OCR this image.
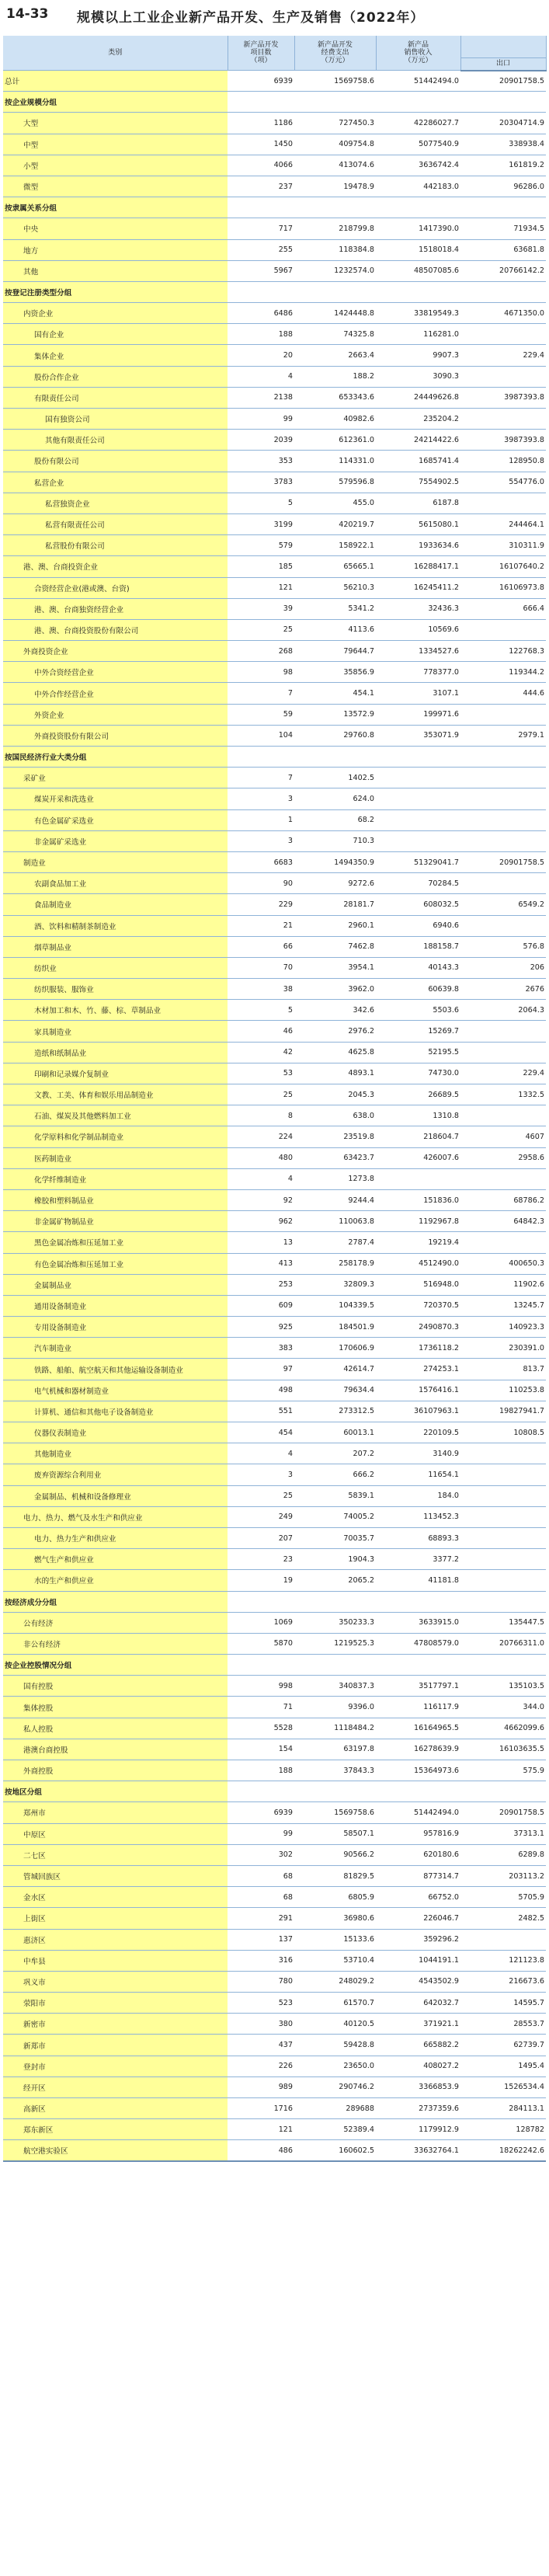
14-33 规模以上工业企业新产品开发、生产及销售（2022年）
类别	新产品开发
项目数
（项）	新产品开发
经费支出
（万元）	新产品
销售收入
（万元）	
				出口
总计	6939	1569758.6	51442494.0	20901758.5
按企业规模分组				
大型	1186	727450.3	42286027.7	20304714.9
中型	1450	409754.8	5077540.9	338938.4
小型	4066	413074.6	3636742.4	161819.2
微型	237	19478.9	442183.0	96286.0
按隶属关系分组				
中央	717	218799.8	1417390.0	71934.5
地方	255	118384.8	1518018.4	63681.8
其他	5967	1232574.0	48507085.6	20766142.2
按登记注册类型分组				
内资企业	6486	1424448.8	33819549.3	4671350.0
国有企业	188	74325.8	116281.0	
集体企业	20	2663.4	9907.3	229.4
股份合作企业	4	188.2	3090.3	
有限责任公司	2138	653343.6	24449626.8	3987393.8
国有独资公司	99	40982.6	235204.2	
其他有限责任公司	2039	612361.0	24214422.6	3987393.8
股份有限公司	353	114331.0	1685741.4	128950.8
私营企业	3783	579596.8	7554902.5	554776.0
私营独资企业	5	455.0	6187.8	
私营有限责任公司	3199	420219.7	5615080.1	244464.1
私营股份有限公司	579	158922.1	1933634.6	310311.9
港、澳、台商投资企业	185	65665.1	16288417.1	16107640.2
合资经营企业(港或澳、台资)	121	56210.3	16245411.2	16106973.8
港、澳、台商独资经营企业	39	5341.2	32436.3	666.4
港、澳、台商投资股份有限公司	25	4113.6	10569.6	
外商投资企业	268	79644.7	1334527.6	122768.3
中外合资经营企业	98	35856.9	778377.0	119344.2
中外合作经营企业	7	454.1	3107.1	444.6
外资企业	59	13572.9	199971.6	
外商投资股份有限公司	104	29760.8	353071.9	2979.1
按国民经济行业大类分组				
采矿业	7	1402.5		
煤炭开采和洗选业	3	624.0		
有色金属矿采选业	1	68.2		
非金属矿采选业	3	710.3		
制造业	6683	1494350.9	51329041.7	20901758.5
农副食品加工业	90	9272.6	70284.5	
食品制造业	229	28181.7	608032.5	6549.2
酒、饮料和精制茶制造业	21	2960.1	6940.6	
烟草制品业	66	7462.8	188158.7	576.8
纺织业	70	3954.1	40143.3	206
纺织服装、服饰业	38	3962.0	60639.8	2676
木材加工和木、竹、藤、棕、草制品业	5	342.6	5503.6	2064.3
家具制造业	46	2976.2	15269.7	
造纸和纸制品业	42	4625.8	52195.5	
印刷和记录媒介复制业	53	4893.1	74730.0	229.4
文教、工美、体育和娱乐用品制造业	25	2045.3	26689.5	1332.5
石油、煤炭及其他燃料加工业	8	638.0	1310.8	
化学原料和化学制品制造业	224	23519.8	218604.7	4607
医药制造业	480	63423.7	426007.6	2958.6
化学纤维制造业	4	1273.8		
橡胶和塑料制品业	92	9244.4	151836.0	68786.2
非金属矿物制品业	962	110063.8	1192967.8	64842.3
黑色金属冶炼和压延加工业	13	2787.4	19219.4	
有色金属冶炼和压延加工业	413	258178.9	4512490.0	400650.3
金属制品业	253	32809.3	516948.0	11902.6
通用设备制造业	609	104339.5	720370.5	13245.7
专用设备制造业	925	184501.9	2490870.3	140923.3
汽车制造业	383	170606.9	1736118.2	230391.0
铁路、船舶、航空航天和其他运输设备制造业	97	42614.7	274253.1	813.7
电气机械和器材制造业	498	79634.4	1576416.1	110253.8
计算机、通信和其他电子设备制造业	551	273312.5	36107963.1	19827941.7
仪器仪表制造业	454	60013.1	220109.5	10808.5
其他制造业	4	207.2	3140.9	
废弃资源综合利用业	3	666.2	11654.1	
金属制品、机械和设备修理业	25	5839.1	184.0	
电力、热力、燃气及水生产和供应业	249	74005.2	113452.3	
电力、热力生产和供应业	207	70035.7	68893.3	
燃气生产和供应业	23	1904.3	3377.2	
水的生产和供应业	19	2065.2	41181.8	
按经济成分分组				
公有经济	1069	350233.3	3633915.0	135447.5
非公有经济	5870	1219525.3	47808579.0	20766311.0
按企业控股情况分组				
国有控股	998	340837.3	3517797.1	135103.5
集体控股	71	9396.0	116117.9	344.0
私人控股	5528	1118484.2	16164965.5	4662099.6
港澳台商控股	154	63197.8	16278639.9	16103635.5
外商控股	188	37843.3	15364973.6	575.9
按地区分组				
郑州市	6939	1569758.6	51442494.0	20901758.5
中原区	99	58507.1	957816.9	37313.1
二七区	302	90566.2	620180.6	6289.8
管城回族区	68	81829.5	877314.7	203113.2
金水区	68	6805.9	66752.0	5705.9
上街区	291	36980.6	226046.7	2482.5
惠济区	137	15133.6	359296.2	
中牟县	316	53710.4	1044191.1	121123.8
巩义市	780	248029.2	4543502.9	216673.6
荥阳市	523	61570.7	642032.7	14595.7
新密市	380	40120.5	371921.1	28553.7
新郑市	437	59428.8	665882.2	62739.7
登封市	226	23650.0	408027.2	1495.4
经开区	989	290746.2	3366853.9	1526534.4
高新区	1716	289688	2737359.6	284113.1
郑东新区	121	52389.4	1179912.9	128782
航空港实验区	486	160602.5	33632764.1	18262242.6
